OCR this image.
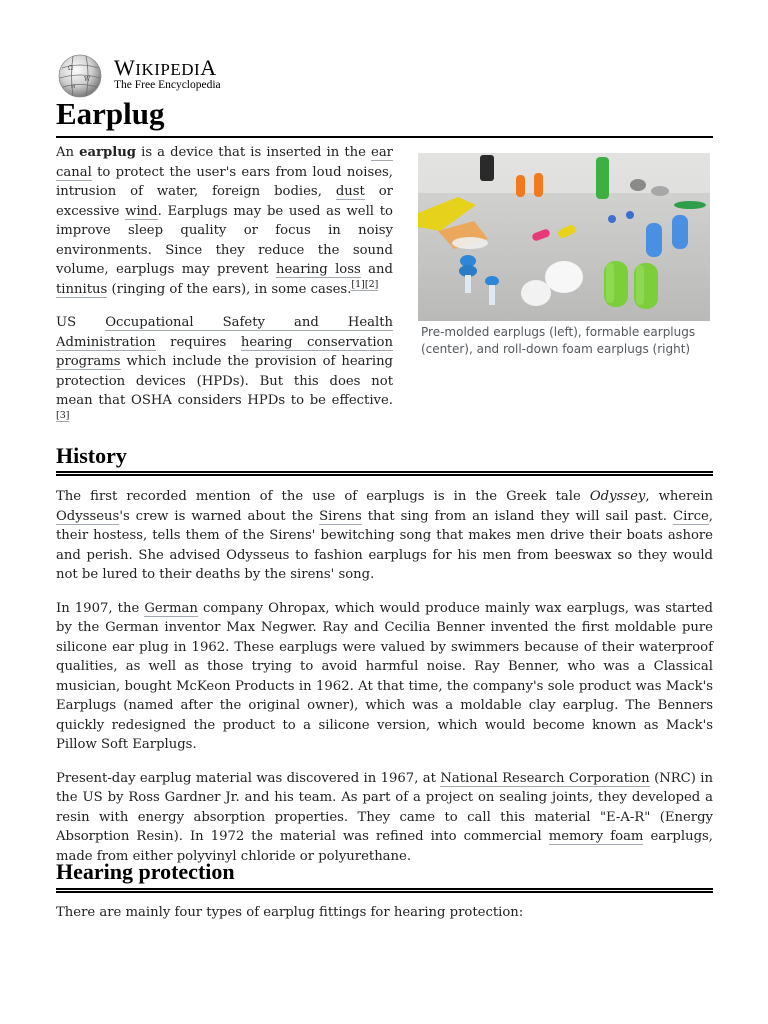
Ω
W
И
WIKIPEDIA
The Free Encyclopedia
Earplug

An earplug is a device that is inserted in the ear canal to protect the user's ears from loud noises, intrusion of water, foreign bodies, dust or excessive wind. Earplugs may be used as well to improve sleep quality or focus in noisy environments. Since they reduce the sound volume, earplugs may prevent hearing loss and tinnitus (ringing of the ears), in some cases.[1][2]

US Occupational Safety and Health Administration requires hearing conservation programs which include the provision of hearing protection devices (HPDs). But this does not mean that OSHA considers HPDs to be effective.[3]

Pre-molded earplugs (left), formable earplugs (center), and roll-down foam earplugs (right)
History

The first recorded mention of the use of earplugs is in the Greek tale Odyssey, wherein Odysseus's crew is warned about the Sirens that sing from an island they will sail past. Circe, their hostess, tells them of the Sirens' bewitching song that makes men drive their boats ashore and perish. She advised Odysseus to fashion earplugs for his men from beeswax so they would not be lured to their deaths by the sirens' song.

In 1907, the German company Ohropax, which would produce mainly wax earplugs, was started by the German inventor Max Negwer. Ray and Cecilia Benner invented the first moldable pure silicone ear plug in 1962. These earplugs were valued by swimmers because of their waterproof qualities, as well as those trying to avoid harmful noise. Ray Benner, who was a Classical musician, bought McKeon Products in 1962. At that time, the company's sole product was Mack's Earplugs (named after the original owner), which was a moldable clay earplug. The Benners quickly redesigned the product to a silicone version, which would become known as Mack's Pillow Soft Earplugs.

Present-day earplug material was discovered in 1967, at National Research Corporation (NRC) in the US by Ross Gardner Jr. and his team. As part of a project on sealing joints, they developed a resin with energy absorption properties. They came to call this material "E-A-R" (Energy Absorption Resin). In 1972 the material was refined into commercial memory foam earplugs, made from either polyvinyl chloride or polyurethane.

Hearing protection

There are mainly four types of earplug fittings for hearing protection:
